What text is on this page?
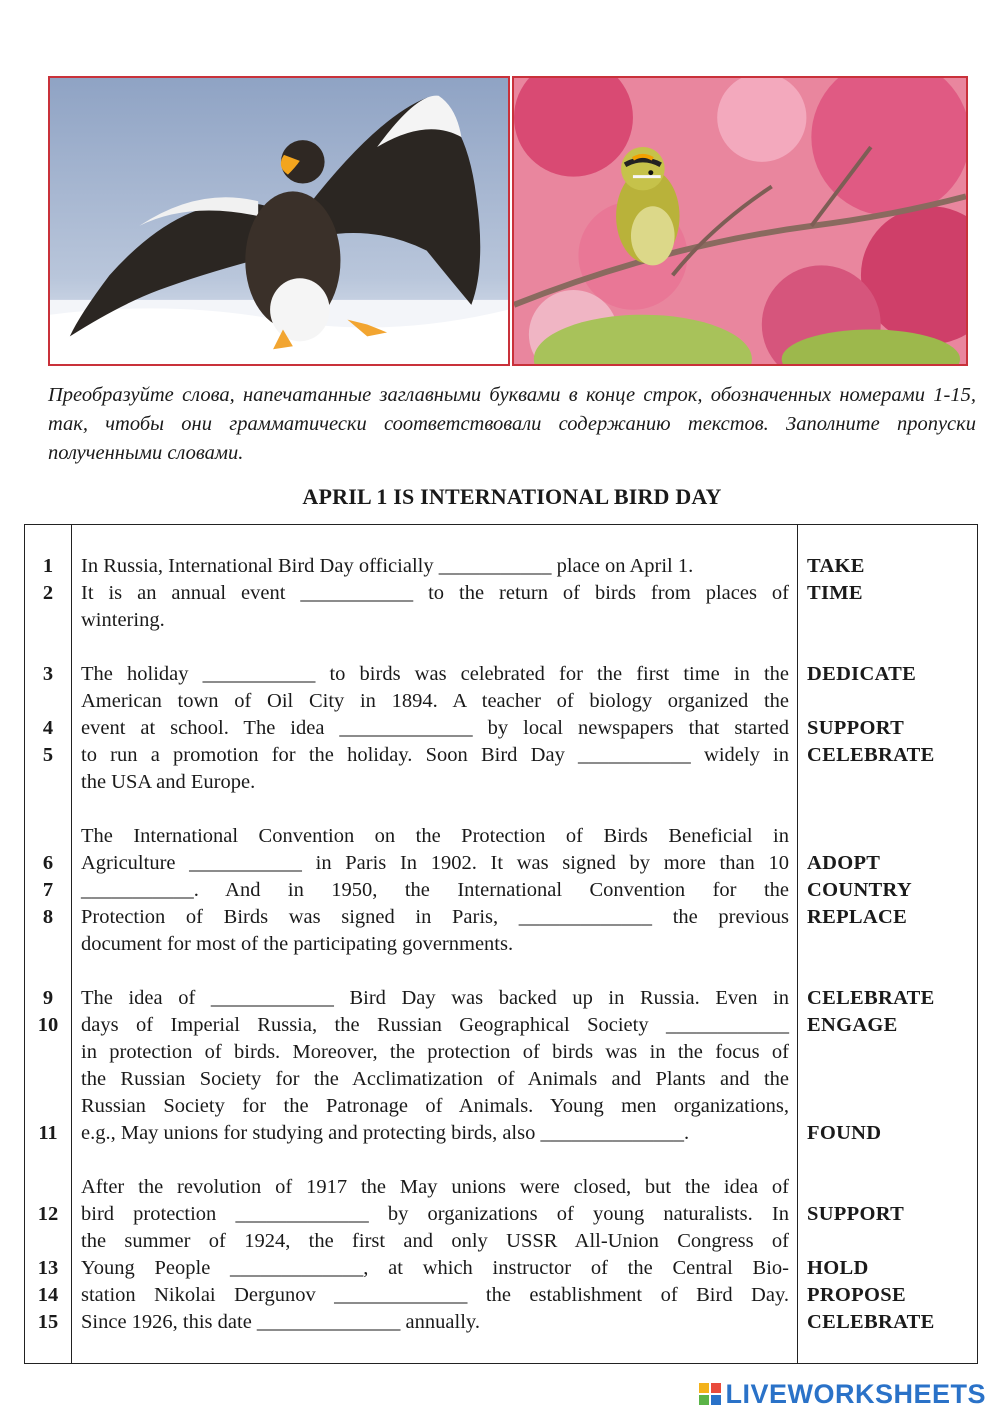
Преобразуйте слова, напечатанные заглавными буквами в конце строк, обозначенных номерами 1-15, так, чтобы они грамматически соответствовали содержанию текстов. Заполните пропуски полученными словами.
APRIL 1 IS INTERNATIONAL BIRD DAY
1	In Russia, International Bird Day officially ___________ place on April 1.	TAKE
2	It is an annual event ___________ to the return of birds from places of TIME
wintering.
3	The holiday ___________ to birds was celebrated for the first time in the DEDICATE
American town of Oil City in 1894. A teacher of biology organized the
4	event at school. The idea _____________ by local newspapers that started SUPPORT
5	to run a promotion for the holiday. Soon Bird Day ___________ widely in CELEBRATE
the USA and Europe.
The International Convention on the Protection of Birds Beneficial in
6	Agriculture ___________ in Paris In 1902. It was signed by more than 10 ADOPT
7	___________. And in 1950, the International Convention for the COUNTRY
8	Protection of Birds was signed in Paris, _____________ the previous REPLACE
document for most of the participating governments.
9	The idea of ____________ Bird Day was backed up in Russia. Even in CELEBRATE
10	days of Imperial Russia, the Russian Geographical Society ____________ ENGAGE
in protection of birds. Moreover, the protection of birds was in the focus of
the Russian Society for the Acclimatization of Animals and Plants and the
Russian Society for the Patronage of Animals. Young men organizations,
11	e.g., May unions for studying and protecting birds, also ______________.	FOUND
After the revolution of 1917 the May unions were closed, but the idea of
12	bird protection _____________ by organizations of young naturalists. In SUPPORT
the summer of 1924, the first and only USSR All-Union Congress of
13	Young People _____________, at which instructor of the Central Bio- HOLD
14	station Nikolai Dergunov _____________ the establishment of Bird Day. PROPOSE
15	Since 1926, this date ______________ annually.	CELEBRATE
LIVEWORKSHEETS
